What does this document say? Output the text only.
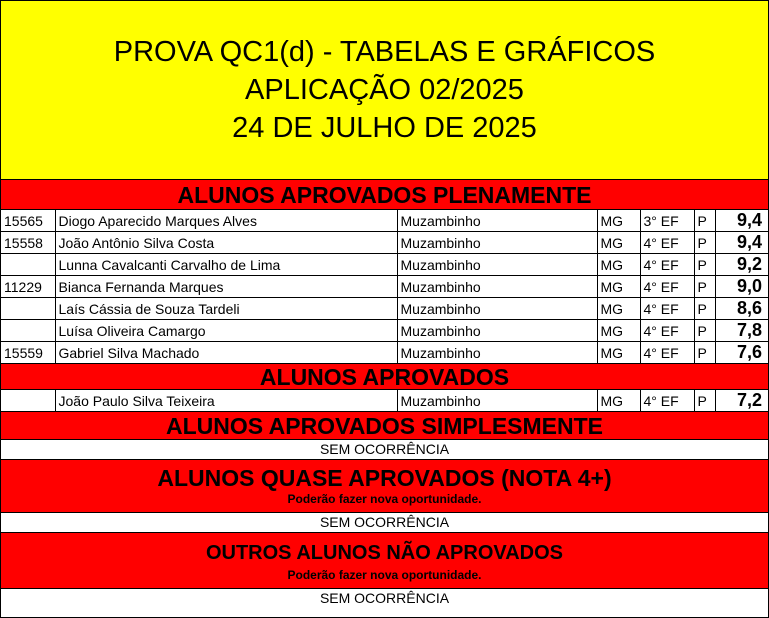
PROVA QC1(d) - TABELAS E GRÁFICOS
APLICAÇÃO 02/2025
24 DE JULHO DE 2025
ALUNOS APROVADOS PLENAMENTE
15565	Diogo Aparecido Marques Alves	Muzambinho	MG	3° EF	P	9,4
15558	João Antônio Silva Costa	Muzambinho	MG	4° EF	P	9,4
	Lunna Cavalcanti Carvalho de Lima	Muzambinho	MG	4° EF	P	9,2
11229	Bianca Fernanda Marques	Muzambinho	MG	4° EF	P	9,0
	Laís Cássia de Souza Tardeli	Muzambinho	MG	4° EF	P	8,6
	Luísa Oliveira Camargo	Muzambinho	MG	4° EF	P	7,8
15559	Gabriel Silva Machado	Muzambinho	MG	4° EF	P	7,6
ALUNOS APROVADOS
	João Paulo Silva Teixeira	Muzambinho	MG	4° EF	P	7,2
ALUNOS APROVADOS SIMPLESMENTE
SEM OCORRÊNCIA
ALUNOS QUASE APROVADOS (NOTA 4+)
Poderão fazer nova oportunidade.
SEM OCORRÊNCIA
OUTROS ALUNOS NÃO APROVADOS
Poderão fazer nova oportunidade.
SEM OCORRÊNCIA
